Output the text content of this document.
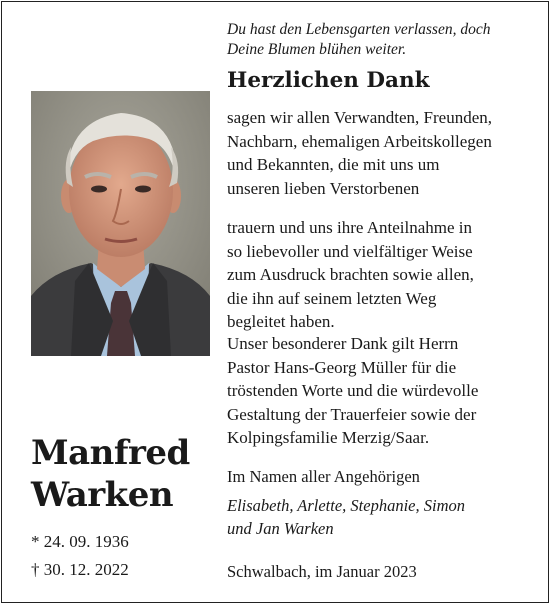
Du hast den Lebensgarten verlassen, doch
Deine Blumen blühen weiter.
Herzlichen Dank
sagen wir allen Verwandten, Freunden,
Nachbarn, ehemaligen Arbeitskollegen
und Bekannten, die mit uns um
unseren lieben Verstorbenen
trauern und uns ihre Anteilnahme in
so liebevoller und vielfältiger Weise
zum Ausdruck brachten sowie allen,
die ihn auf seinem letzten Weg
begleitet haben.
Unser besonderer Dank gilt Herrn
Pastor Hans-Georg Müller für die
tröstenden Worte und die würdevolle
Gestaltung der Trauerfeier sowie der
Kolpingsfamilie Merzig/Saar.
Im Namen aller Angehörigen
Elisabeth, Arlette, Stephanie, Simon
und Jan Warken
Schwalbach, im Januar 2023
Manfred
Warken
* 24. 09. 1936
† 30. 12. 2022
